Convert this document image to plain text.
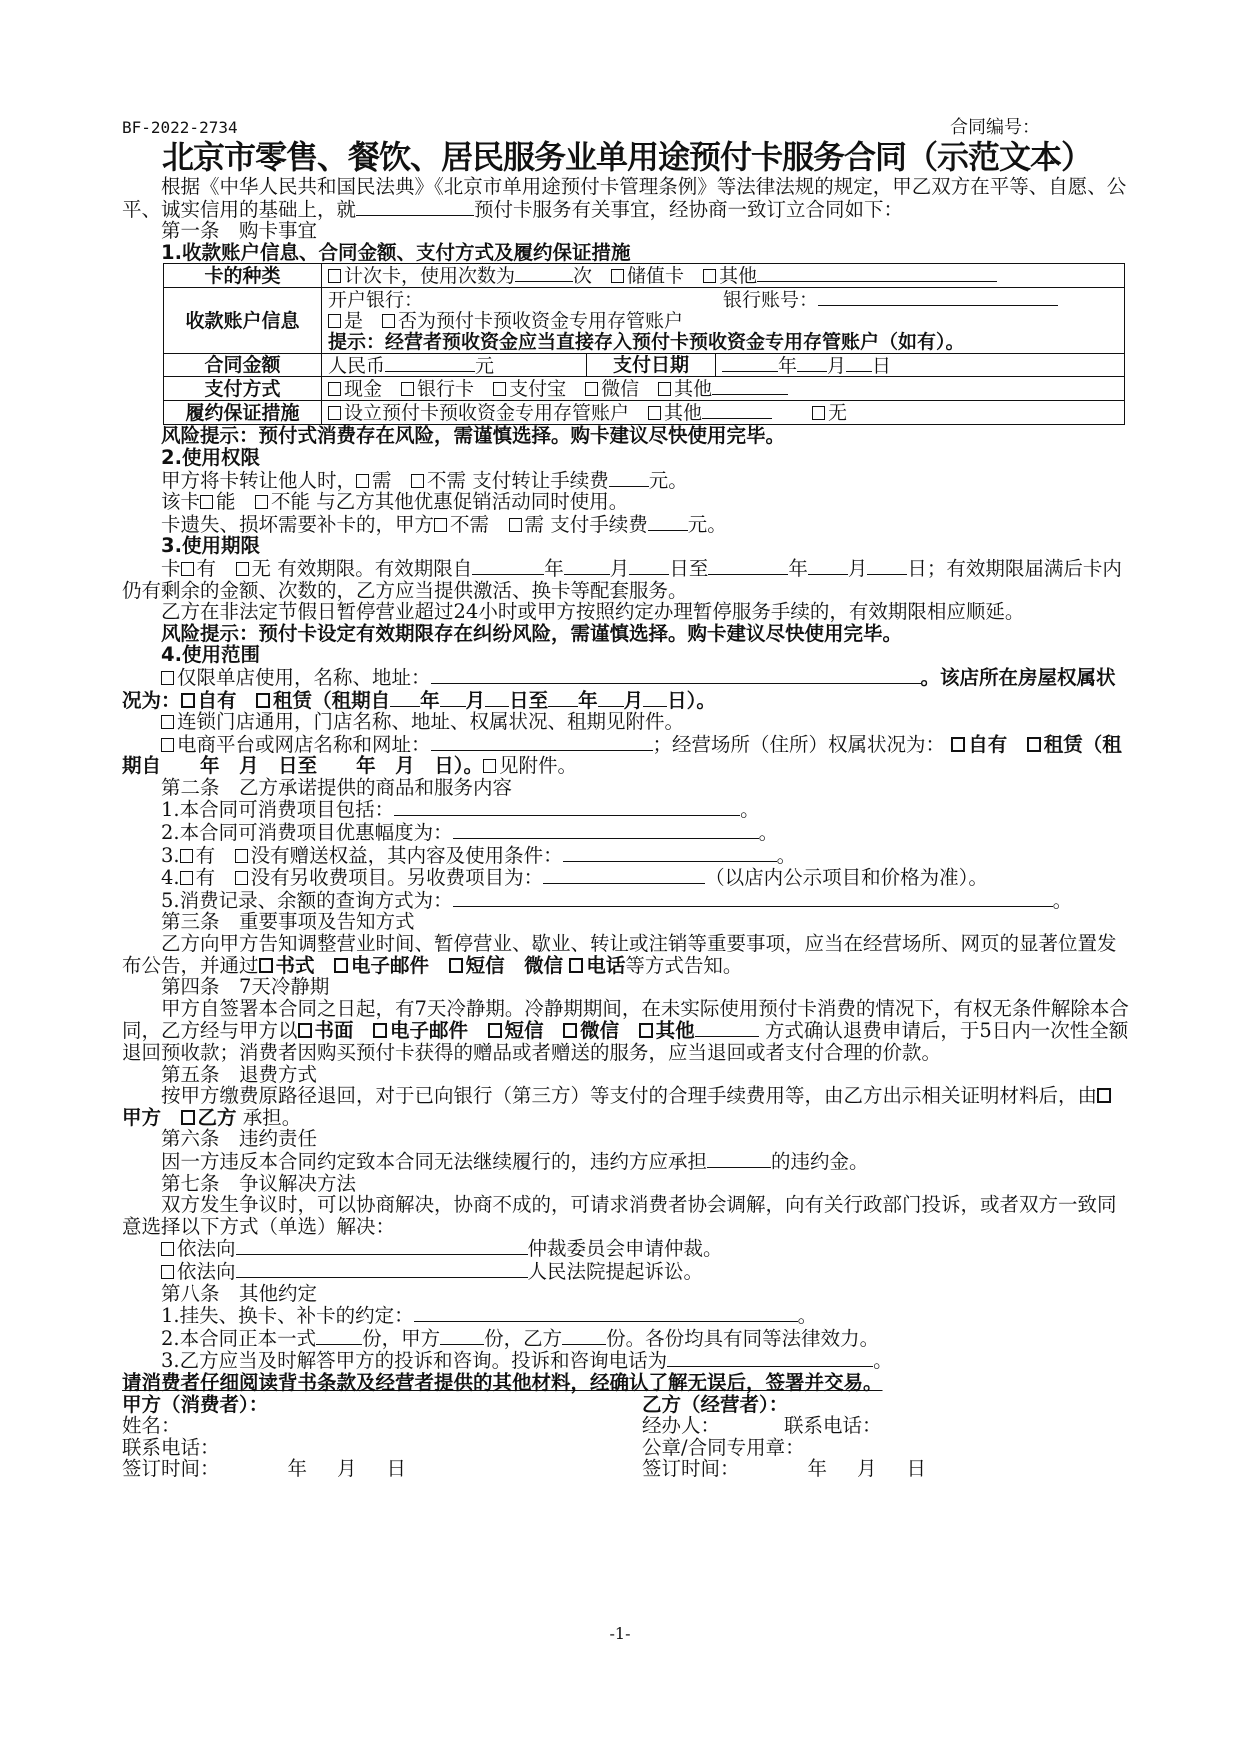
BF-2022-2734	合同编号：
北京市零售、餐饮、居民服务业单用途预付卡服务合同（示范文本）

根据《中华人民共和国民法典》《北京市单用途预付卡管理条例》等法律法规的规定，甲乙双方在平等、自愿、公平、诚实信用的基础上，就	预付卡服务有关事宜，经协商一致订立合同如下：

第一条　购卡事宜

1.收款账户信息、合同金额、支付方式及履约保证措施

卡的种类	计次卡，使用次数为 次　 储值卡　 其他
收款账户信息	开户银行： 银行账号：
是　 否为预付卡预收资金专用存管账户
提示：经营者预收资金应当直接存入预付卡预收资金专用存管账户（如有）。
合同金额	人民币 元 支付日期 年 月 日

支付方式	现金　 银行卡　 支付宝　 微信　 其他
履约保证措施	设立预付卡预收资金专用存管账户　 其他 无

风险提示：预付式消费存在风险，需谨慎选择。购卡建议尽快使用完毕。

2.使用权限

甲方将卡转让他人时， 需　 不需 支付转让手续费 元。

该卡 能　 不能 与乙方其他优惠促销活动同时使用。

卡遗失、损坏需要补卡的，甲方 不需　 需 支付手续费 元。

3.使用期限

卡 有　 无 有效期限。有效期限自	年 月 日至	年 月 日；有效期限届满后卡内仍有剩余的金额、次数的，乙方应当提供激活、换卡等配套服务。

乙方在非法定节假日暂停营业超过24小时或甲方按照约定办理暂停服务手续的，有效期限相应顺延。

风险提示：预付卡设定有效期限存在纠纷风险，需谨慎选择。购卡建议尽快使用完毕。

4.使用范围

仅限单店使用，名称、地址：	。该店所在房屋权属状况为： 自有　 租赁（租期自 年 月 日至 年 月 日）。

连锁门店通用，门店名称、地址、权属状况、租期见附件。

电商平台或网店名称和网址：	；经营场所（住所）权属状况为： 自有　 租赁（租期自　　 年　 月　 日至　　 年　 月　 日）。 见附件。

第二条　乙方承诺提供的商品和服务内容

1.本合同可消费项目包括：	。

2.本合同可消费项目优惠幅度为：	。

3. 有　 没有赠送权益，其内容及使用条件：	。

4. 有　 没有另收费项目。另收费项目为：	（以店内公示项目和价格为准）。

5.消费记录、余额的查询方式为：	。

第三条　重要事项及告知方式

乙方向甲方告知调整营业时间、暂停营业、歇业、转让或注销等重要事项，应当在经营场所、网页的显著位置发布公告，并通过 书式　 电子邮件　 短信　 微信 电话等方式告知。

第四条　7天冷静期

甲方自签署本合同之日起，有7天冷静期。冷静期期间，在未实际使用预付卡消费的情况下，有权无条件解除本合同，乙方经与甲方以 书面　 电子邮件　 短信　 微信　 其他	方式确认退费申请后，于5日内一次性全额退回预收款；消费者因购买预付卡获得的赠品或者赠送的服务，应当退回或者支付合理的价款。

第五条　退费方式

按甲方缴费原路径退回，对于已向银行（第三方）等支付的合理手续费用等，由乙方出示相关证明材料后，由甲方　 乙方 承担。

第六条　违约责任

因一方违反本合同约定致本合同无法继续履行的，违约方应承担	的违约金。

第七条　争议解决方法

双方发生争议时，可以协商解决，协商不成的，可请求消费者协会调解，向有关行政部门投诉，或者双方一致同意选择以下方式（单选）解决：

依法向	仲裁委员会申请仲裁。

依法向	人民法院提起诉讼。

第八条　其他约定

1.挂失、换卡、补卡的约定：	。

2.本合同正本一式 份，甲方 份，乙方 份。各份均具有同等法律效力。

3.乙方应当及时解答甲方的投诉和咨询。投诉和咨询电话为	。

请消费者仔细阅读背书条款及经营者提供的其他材料，经确认了解无误后，签署并交易。

甲方（消费者）：

姓名：

联系电话：

签订时间：	年 月 日

乙方（经营者）：

经办人：	联系电话：

公章/合同专用章：

签订时间：	年 月 日

-1-
